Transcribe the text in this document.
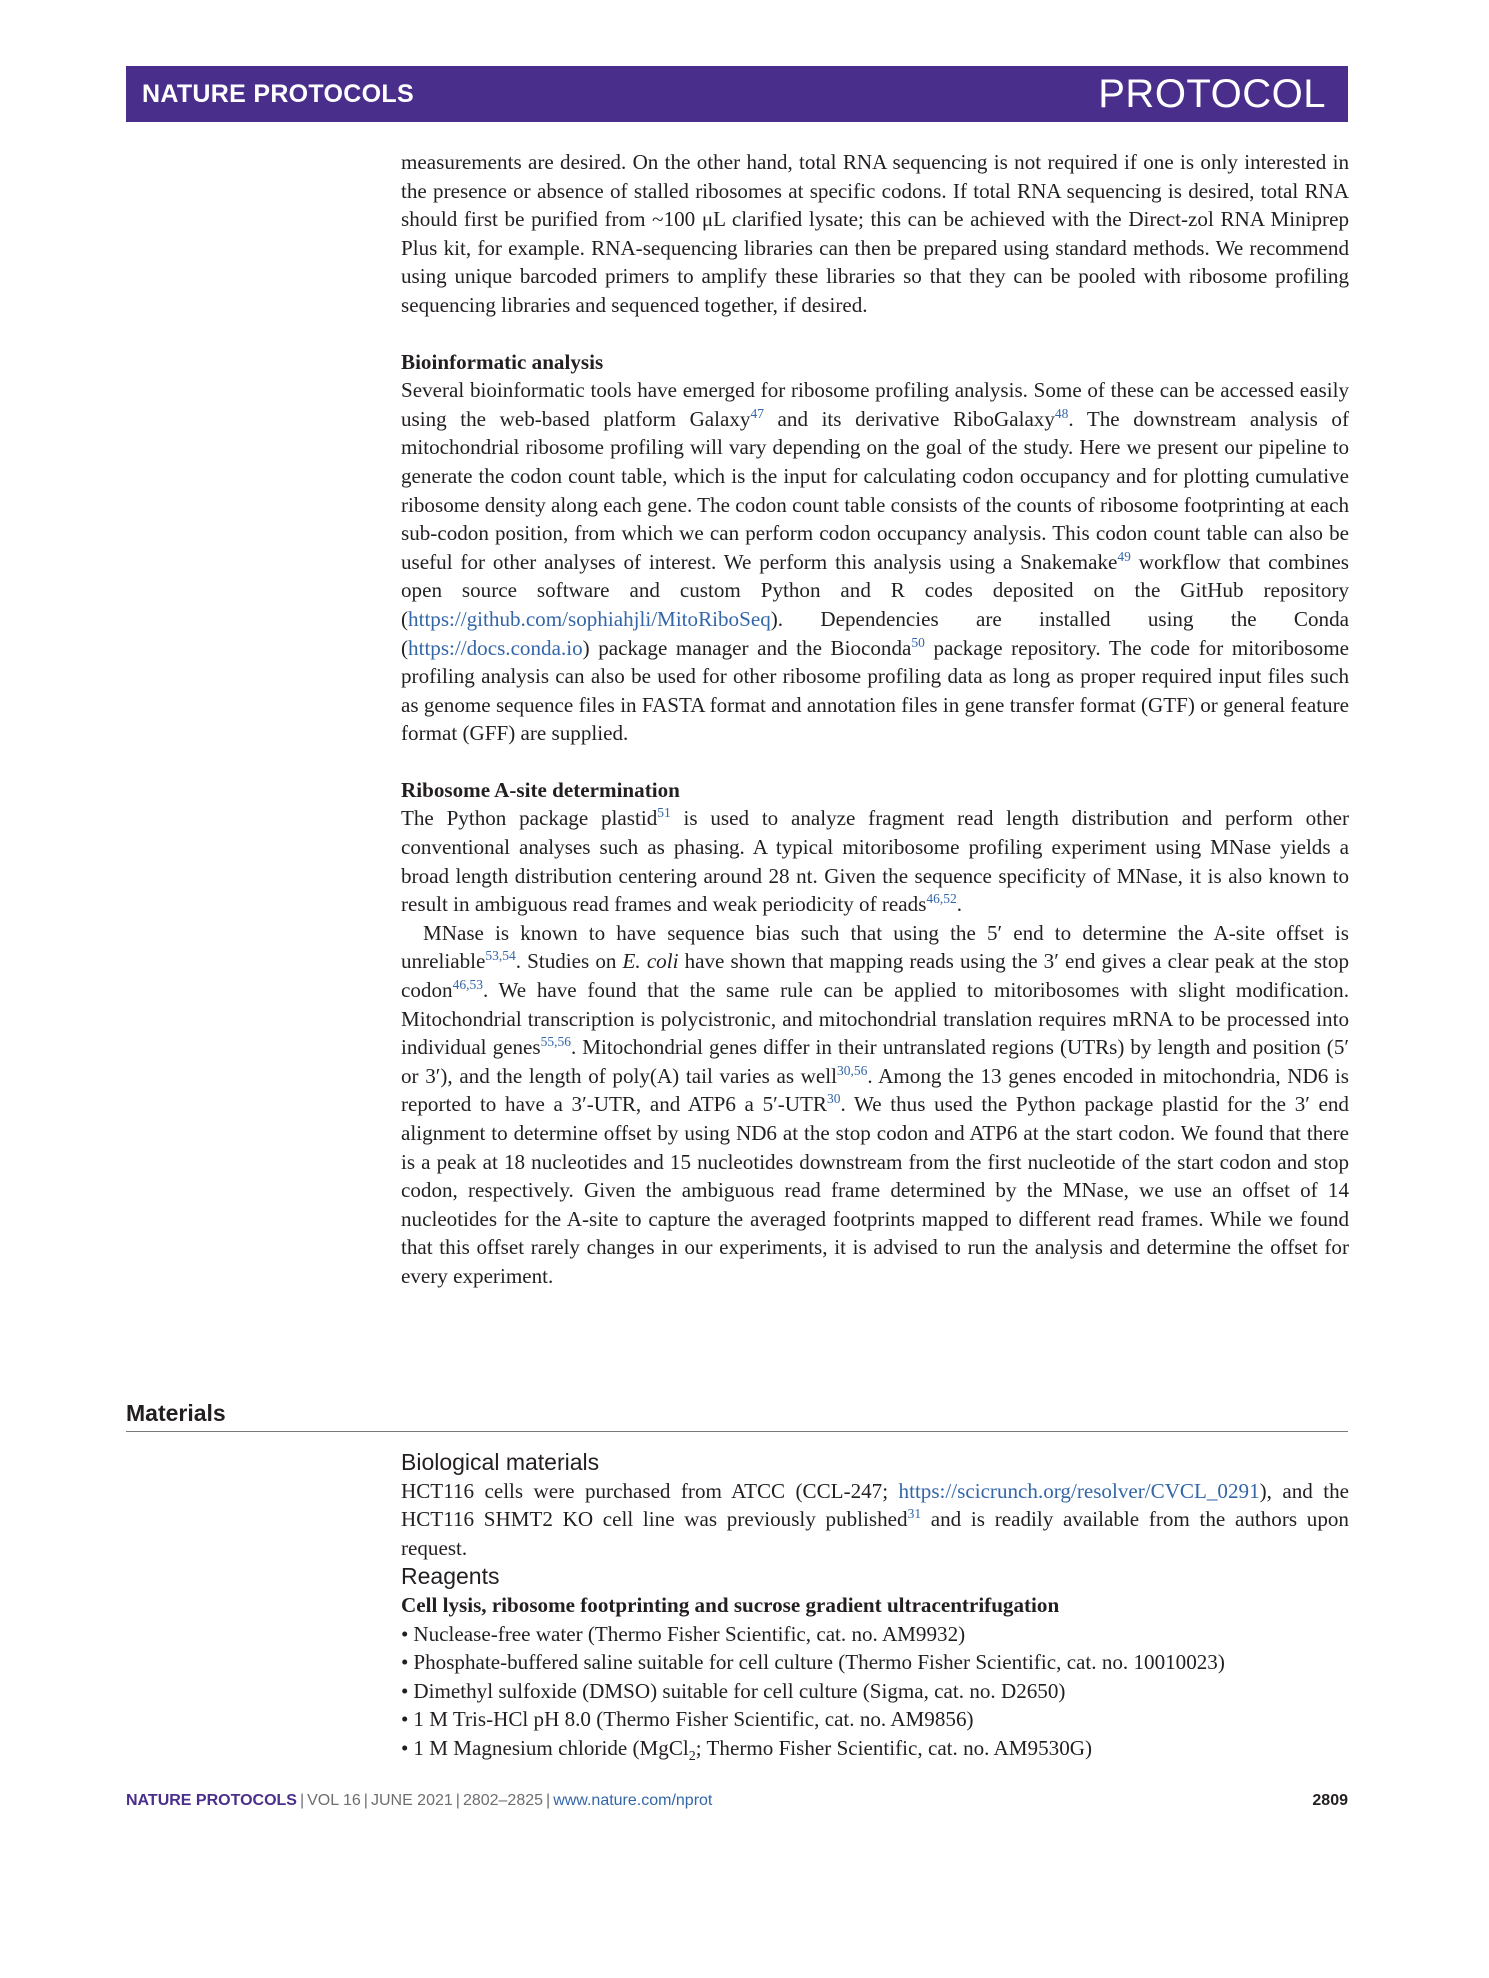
NATURE PROTOCOLS	PROTOCOL

measurements are desired. On the other hand, total RNA sequencing is not required if one is only interested in the presence or absence of stalled ribosomes at specific codons. If total RNA sequencing is desired, total RNA should first be purified from ~100 μL clarified lysate; this can be achieved with the Direct-zol RNA Miniprep Plus kit, for example. RNA-sequencing libraries can then be prepared using standard methods. We recommend using unique barcoded primers to amplify these libraries so that they can be pooled with ribosome profiling sequencing libraries and sequenced together, if desired.

Bioinformatic analysis

Several bioinformatic tools have emerged for ribosome profiling analysis. Some of these can be accessed easily using the web-based platform Galaxy$^{47}$ and its derivative RiboGalaxy$^{48}$. The downstream analysis of mitochondrial ribosome profiling will vary depending on the goal of the study. Here we present our pipeline to generate the codon count table, which is the input for calculating codon occupancy and for plotting cumulative ribosome density along each gene. The codon count table consists of the counts of ribosome footprinting at each sub-codon position, from which we can perform codon occupancy analysis. This codon count table can also be useful for other analyses of interest. We perform this analysis using a Snakemake$^{49}$ workflow that combines open source software and custom Python and R codes deposited on the GitHub repository (https://github.com/sophiahjli/MitoRiboSeq). Dependencies are installed using the Conda (https://docs.conda.io) package manager and the Bioconda$^{50}$ package repository. The code for mitoribosome profiling analysis can also be used for other ribosome profiling data as long as proper required input files such as genome sequence files in FASTA format and annotation files in gene transfer format (GTF) or general feature format (GFF) are supplied.

Ribosome A-site determination

The Python package plastid$^{51}$ is used to analyze fragment read length distribution and perform other conventional analyses such as phasing. A typical mitoribosome profiling experiment using MNase yields a broad length distribution centering around 28 nt. Given the sequence specificity of MNase, it is also known to result in ambiguous read frames and weak periodicity of reads$^{46,52}$.

MNase is known to have sequence bias such that using the 5′ end to determine the A-site offset is unreliable$^{53,54}$. Studies on E. coli have shown that mapping reads using the 3′ end gives a clear peak at the stop codon$^{46,53}$. We have found that the same rule can be applied to mitoribosomes with slight modification. Mitochondrial transcription is polycistronic, and mitochondrial translation requires mRNA to be processed into individual genes$^{55,56}$. Mitochondrial genes differ in their untranslated regions (UTRs) by length and position (5′ or 3′), and the length of poly(A) tail varies as well$^{30,56}$. Among the 13 genes encoded in mitochondria, ND6 is reported to have a 3′-UTR, and ATP6 a 5′-UTR$^{30}$. We thus used the Python package plastid for the 3′ end alignment to determine offset by using ND6 at the stop codon and ATP6 at the start codon. We found that there is a peak at 18 nucleotides and 15 nucleotides downstream from the first nucleotide of the start codon and stop codon, respectively. Given the ambiguous read frame determined by the MNase, we use an offset of 14 nucleotides for the A-site to capture the averaged footprints mapped to different read frames. While we found that this offset rarely changes in our experiments, it is advised to run the analysis and determine the offset for every experiment.

Materials

Biological materials

HCT116 cells were purchased from ATCC (CCL-247; https://scicrunch.org/resolver/CVCL_0291), and the HCT116 SHMT2 KO cell line was previously published$^{31}$ and is readily available from the authors upon request.

Reagents

Cell lysis, ribosome footprinting and sucrose gradient ultracentrifugation

• Nuclease-free water (Thermo Fisher Scientific, cat. no. AM9932)
• Phosphate-buffered saline suitable for cell culture (Thermo Fisher Scientific, cat. no. 10010023)
• Dimethyl sulfoxide (DMSO) suitable for cell culture (Sigma, cat. no. D2650)
• 1 M Tris-HCl pH 8.0 (Thermo Fisher Scientific, cat. no. AM9856)
• 1 M Magnesium chloride (MgCl$_2$; Thermo Fisher Scientific, cat. no. AM9530G)
NATURE PROTOCOLS | VOL 16 | JUNE 2021 | 2802–2825 | www.nature.com/nprot	2809
